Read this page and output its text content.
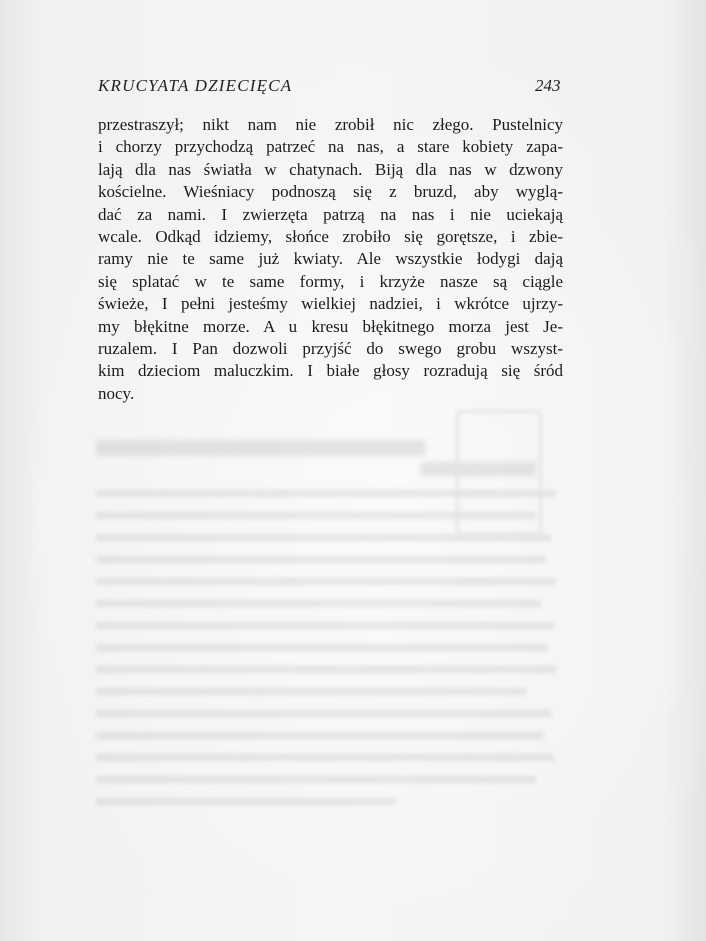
KRUCYATA DZIECIĘCA	243

przestraszył; nikt nam nie zrobił nic złego. Pustelnicy
i chorzy przychodzą patrzeć na nas, a stare kobiety zapa-
lają dla nas światła w chatynach. Biją dla nas w dzwony
kościelne. Wieśniacy podnoszą się z bruzd, aby wyglą-
dać za nami. I zwierzęta patrzą na nas i nie uciekają
wcale. Odkąd idziemy, słońce zrobiło się gorętsze, i zbie-
ramy nie te same już kwiaty. Ale wszystkie łodygi dają
się splatać w te same formy, i krzyże nasze są ciągle
świeże, I pełni jesteśmy wielkiej nadziei, i wkrótce ujrzy-
my błękitne morze. A u kresu błękitnego morza jest Je-
ruzalem. I Pan dozwoli przyjść do swego grobu wszyst-
kim dzieciom maluczkim. I białe głosy rozradują się śród
nocy.
